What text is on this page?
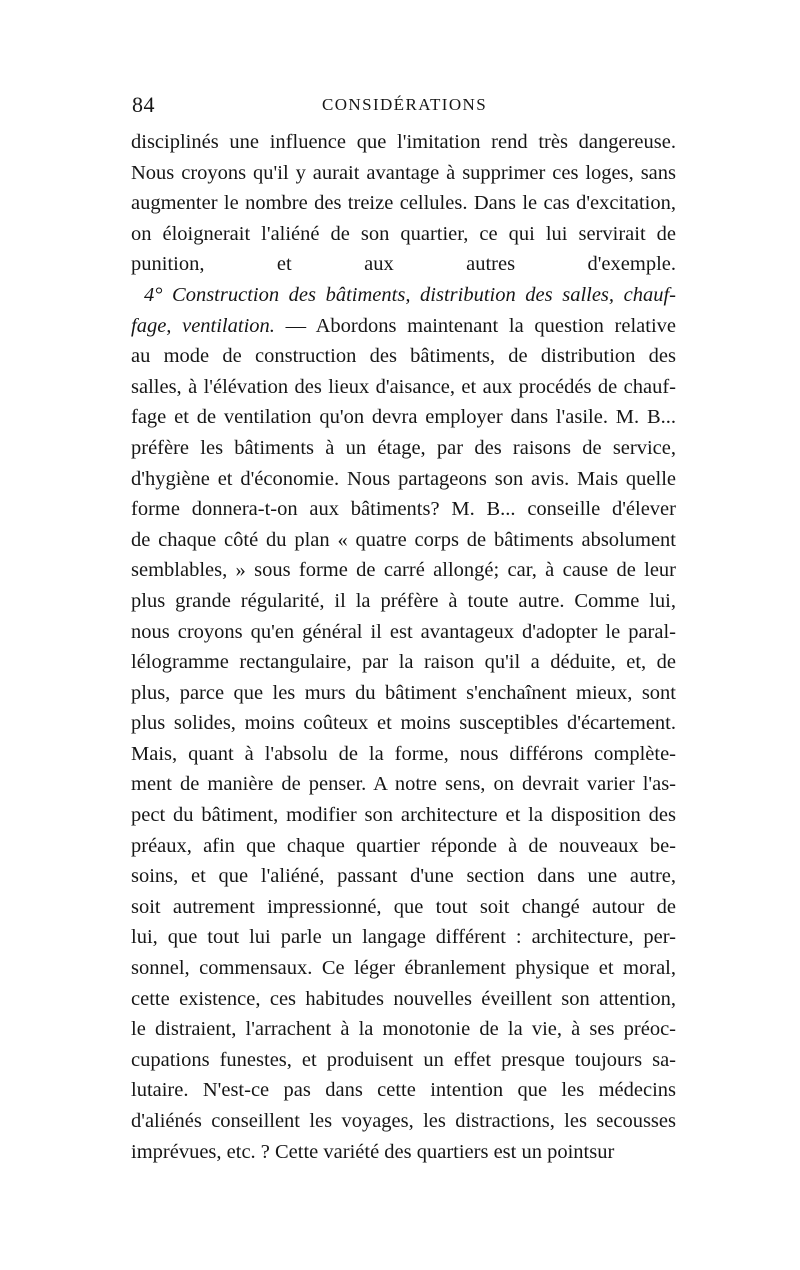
84	CONSIDÉRATIONS
disciplinés une influence que l'imitation rend très dangereuse.
Nous croyons qu'il y aurait avantage à supprimer ces loges, sans
augmenter le nombre des treize cellules. Dans le cas d'excitation,
on éloignerait l'aliéné de son quartier, ce qui lui servirait de
punition, et aux autres d'exemple.
4° Construction des bâtiments, distribution des salles, chauf-
fage, ventilation. — Abordons maintenant la question relative
au mode de construction des bâtiments, de distribution des
salles, à l'élévation des lieux d'aisance, et aux procédés de chauf-
fage et de ventilation qu'on devra employer dans l'asile. M. B...
préfère les bâtiments à un étage, par des raisons de service,
d'hygiène et d'économie. Nous partageons son avis. Mais quelle
forme donnera-t-on aux bâtiments? M. B... conseille d'élever
de chaque côté du plan « quatre corps de bâtiments absolument
semblables, » sous forme de carré allongé; car, à cause de leur
plus grande régularité, il la préfère à toute autre. Comme lui,
nous croyons qu'en général il est avantageux d'adopter le paral-
lélogramme rectangulaire, par la raison qu'il a déduite, et, de
plus, parce que les murs du bâtiment s'enchaînent mieux, sont
plus solides, moins coûteux et moins susceptibles d'écartement.
Mais, quant à l'absolu de la forme, nous différons complète-
ment de manière de penser. A notre sens, on devrait varier l'as-
pect du bâtiment, modifier son architecture et la disposition des
préaux, afin que chaque quartier réponde à de nouveaux be-
soins, et que l'aliéné, passant d'une section dans une autre,
soit autrement impressionné, que tout soit changé autour de
lui, que tout lui parle un langage différent : architecture, per-
sonnel, commensaux. Ce léger ébranlement physique et moral,
cette existence, ces habitudes nouvelles éveillent son attention,
le distraient, l'arrachent à la monotonie de la vie, à ses préoc-
cupations funestes, et produisent un effet presque toujours sa-
lutaire. N'est-ce pas dans cette intention que les médecins
d'aliénés conseillent les voyages, les distractions, les secousses
imprévues, etc. ? Cette variété des quartiers est un pointsur
